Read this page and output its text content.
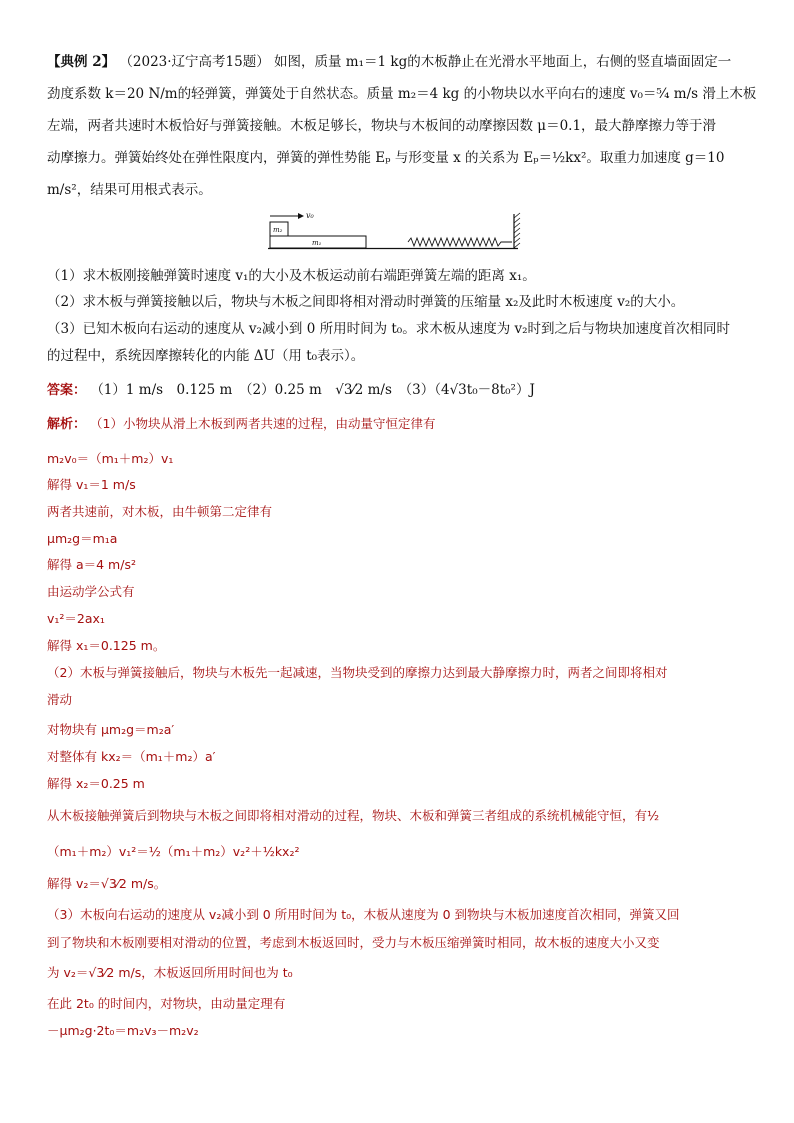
【典例 2】 （2023·辽宁高考15题） 如图，质量 m₁＝1 kg的木板静止在光滑水平地面上，右侧的竖直墙面固定一
劲度系数 k＝20 N/m的轻弹簧，弹簧处于自然状态。质量 m₂＝4 kg 的小物块以水平向右的速度 v₀＝⁵⁄₄ m/s 滑上木板
左端，两者共速时木板恰好与弹簧接触。木板足够长，物块与木板间的动摩擦因数 μ＝0.1，最大静摩擦力等于滑
动摩擦力。弹簧始终处在弹性限度内，弹簧的弹性势能 Eₚ 与形变量 x 的关系为 Eₚ＝½kx²。取重力加速度 g＝10
m/s²，结果可用根式表示。
v₀
m₂
m₁
（1）求木板刚接触弹簧时速度 v₁的大小及木板运动前右端距弹簧左端的距离 x₁。
（2）求木板与弹簧接触以后，物块与木板之间即将相对滑动时弹簧的压缩量 x₂及此时木板速度 v₂的大小。
（3）已知木板向右运动的速度从 v₂减小到 0 所用时间为 t₀。求木板从速度为 v₂时到之后与物块加速度首次相同时
的过程中，系统因摩擦转化的内能 ΔU（用 t₀表示）。
答案： （1）1 m/s　0.125 m　（2）0.25 m　√3⁄2 m/s　（3）（4√3t₀－8t₀²）J
解析： （1）小物块从滑上木板到两者共速的过程，由动量守恒定律有
m₂v₀＝（m₁＋m₂）v₁
解得 v₁＝1 m/s
两者共速前，对木板，由牛顿第二定律有
μm₂g＝m₁a
解得 a＝4 m/s²
由运动学公式有
v₁²＝2ax₁
解得 x₁＝0.125 m。
（2）木板与弹簧接触后，物块与木板先一起减速，当物块受到的摩擦力达到最大静摩擦力时，两者之间即将相对
滑动
对物块有 μm₂g＝m₂a′
对整体有 kx₂＝（m₁＋m₂）a′
解得 x₂＝0.25 m
从木板接触弹簧后到物块与木板之间即将相对滑动的过程，物块、木板和弹簧三者组成的系统机械能守恒，有½
（m₁＋m₂）v₁²＝½（m₁＋m₂）v₂²＋½kx₂²
解得 v₂＝√3⁄2 m/s。
（3）木板向右运动的速度从 v₂减小到 0 所用时间为 t₀，木板从速度为 0 到物块与木板加速度首次相同，弹簧又回
到了物块和木板刚要相对滑动的位置，考虑到木板返回时，受力与木板压缩弹簧时相同，故木板的速度大小又变
为 v₂＝√3⁄2 m/s，木板返回所用时间也为 t₀
在此 2t₀ 的时间内，对物块，由动量定理有
－μm₂g·2t₀＝m₂v₃－m₂v₂
